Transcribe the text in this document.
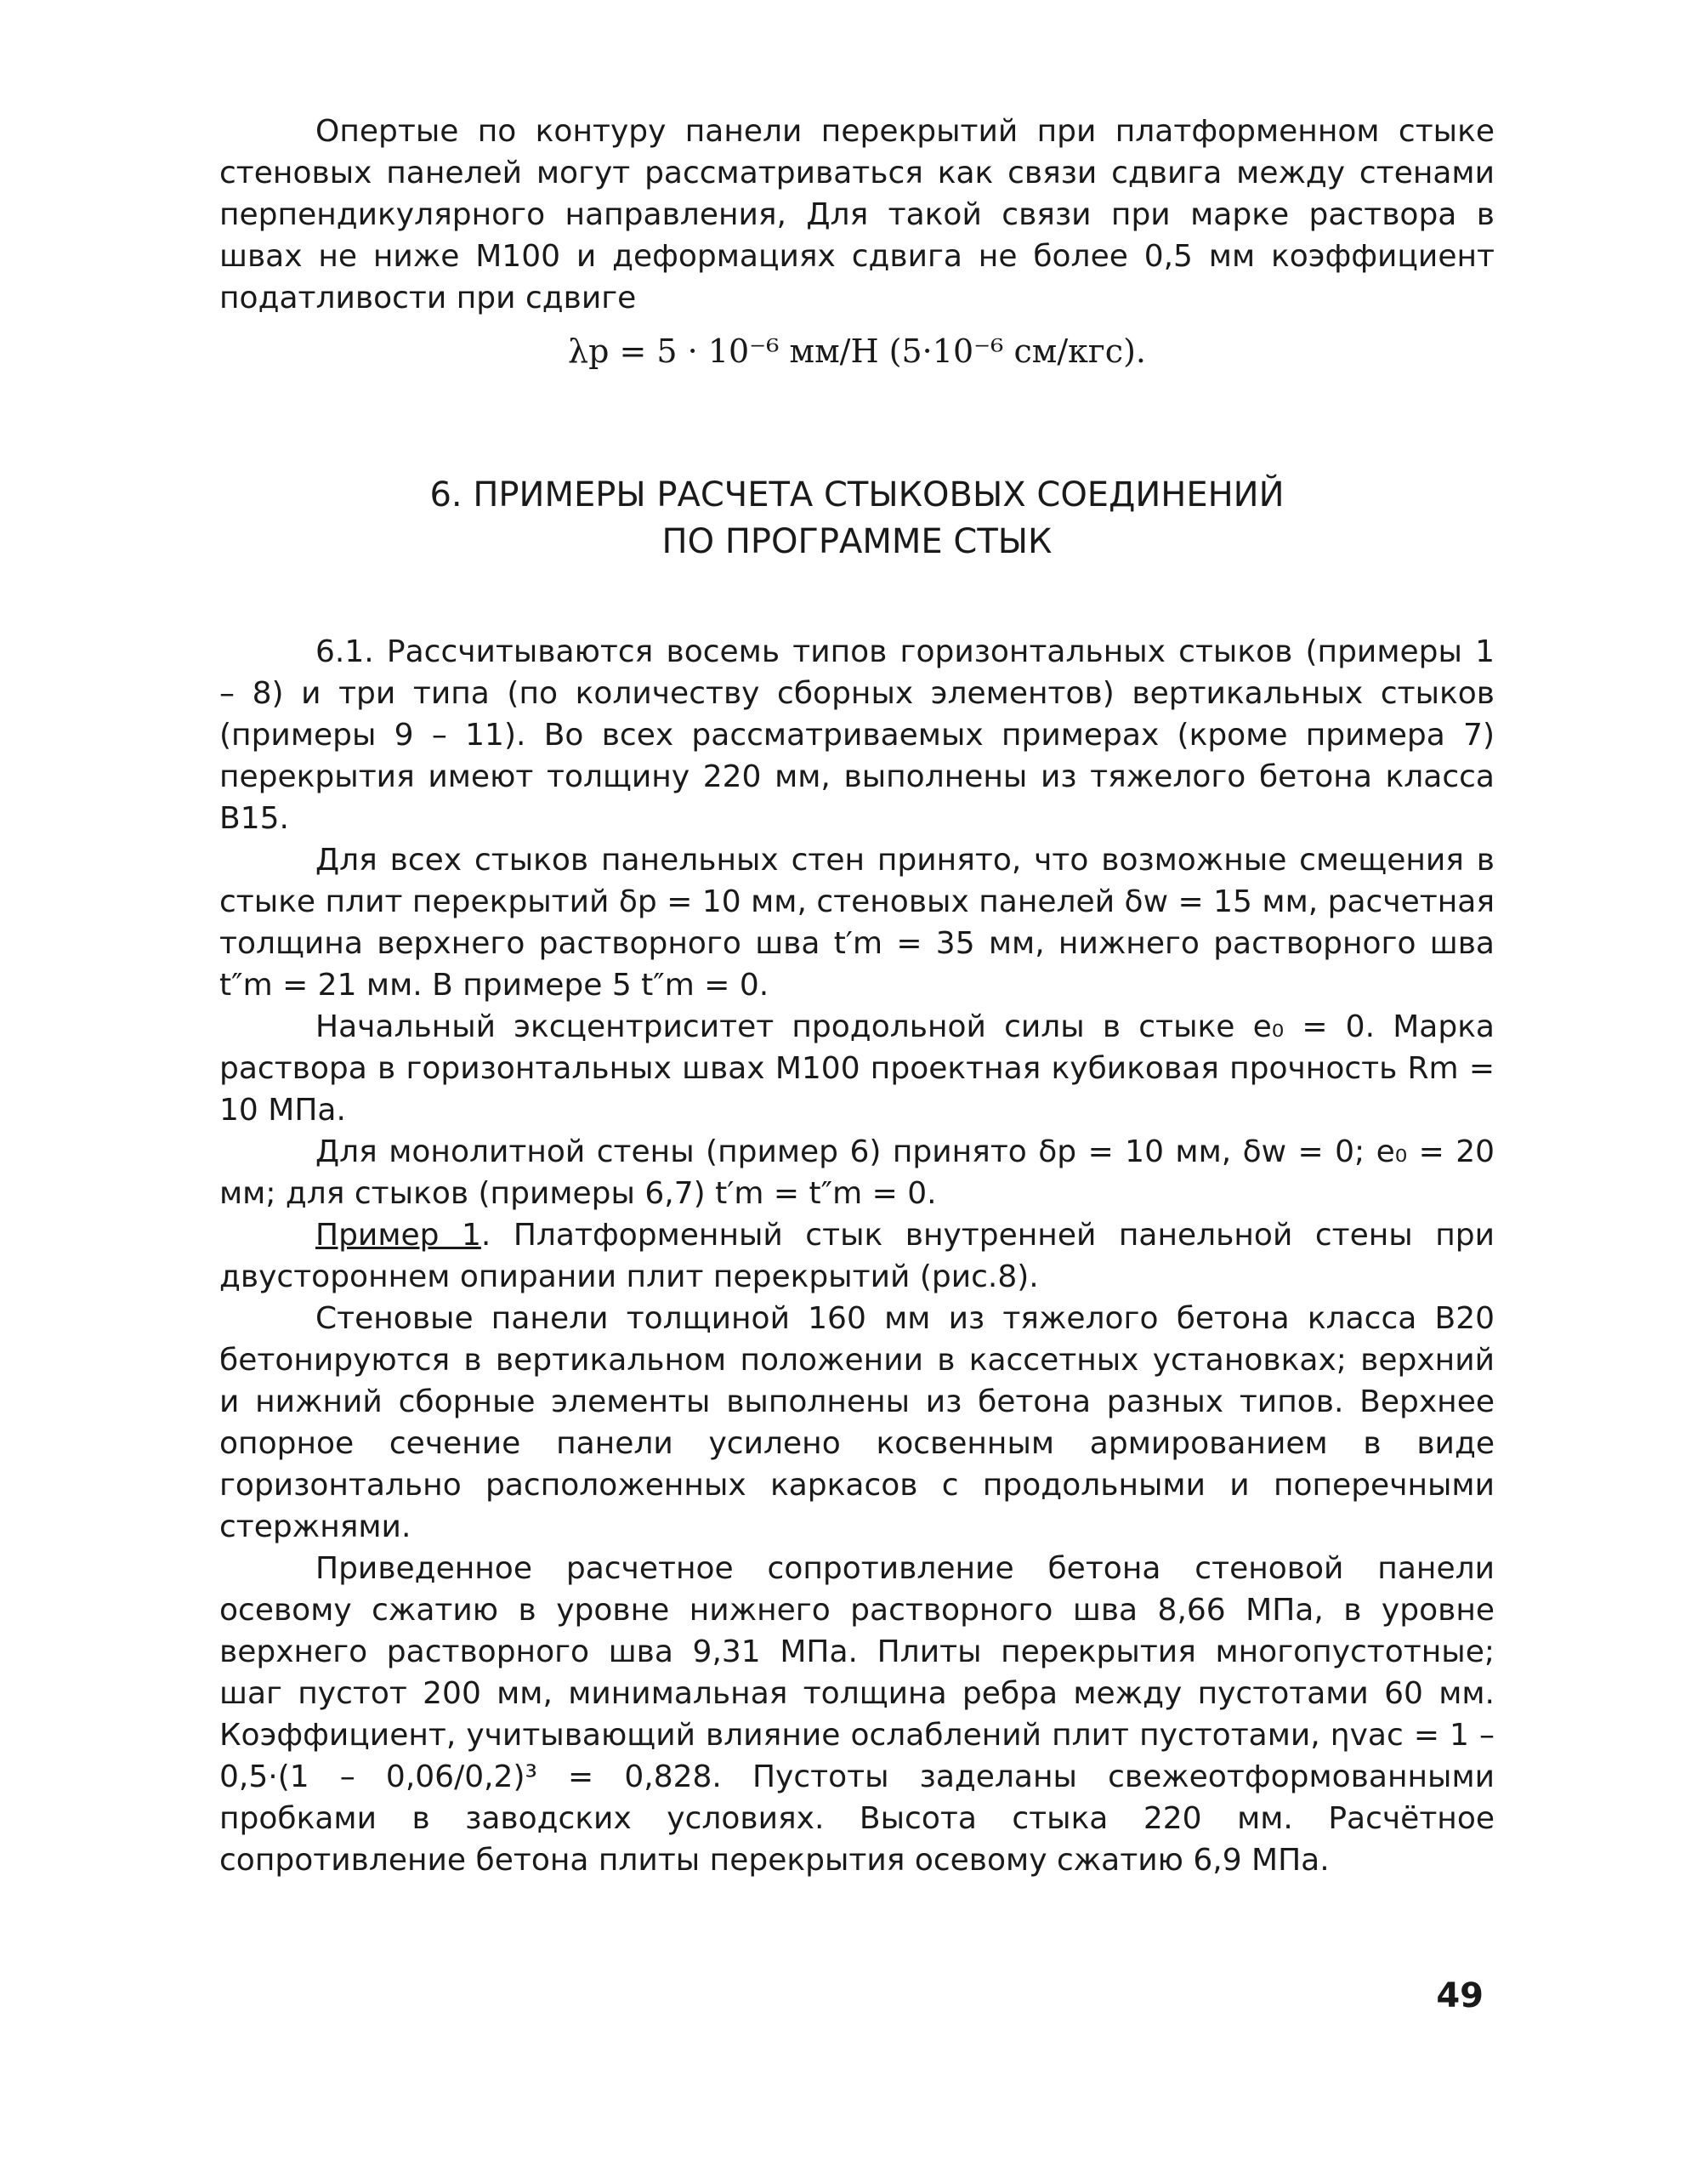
Опертые по контуру панели перекрытий при платформенном стыке стеновых панелей могут рассматриваться как связи сдвига между стенами перпендикулярного направления, Для такой связи при марке раствора в швах не ниже М100 и деформациях сдвига не более 0,5 мм коэффициент податливости при сдвиге

λp = 5 · 10⁻⁶ мм/Н (5·10⁻⁶ см/кгс).

6. ПРИМЕРЫ РАСЧЕТА СТЫКОВЫХ СОЕДИНЕНИЙ
ПО ПРОГРАММЕ СТЫК

6.1. Рассчитываются восемь типов горизонтальных стыков (примеры 1 – 8) и три типа (по количеству сборных элементов) вертикальных стыков (примеры 9 – 11). Во всех рассматриваемых примерах (кроме примера 7) перекрытия имеют толщину 220 мм, выполнены из тяжелого бетона класса В15.

Для всех стыков панельных стен принято, что возможные смещения в стыке плит перекрытий δp = 10 мм, стеновых панелей δw = 15 мм, расчетная толщина верхнего растворного шва t′m = 35 мм, нижнего растворного шва t″m = 21 мм. В примере 5 t″m = 0.

Начальный эксцентриситет продольной силы в стыке e₀ = 0. Марка раствора в горизонтальных швах М100 проектная кубиковая прочность Rm = 10 МПа.

Для монолитной стены (пример 6) принято δp = 10 мм, δw = 0; e₀ = 20 мм; для стыков (примеры 6,7) t′m = t″m = 0.

Пример 1. Платформенный стык внутренней панельной стены при двустороннем опирании плит перекрытий (рис.8).

Стеновые панели толщиной 160 мм из тяжелого бетона класса В20 бетонируются в вертикальном положении в кассетных установках; верхний и нижний сборные элементы выполнены из бетона разных типов. Верхнее опорное сечение панели усилено косвенным армированием в виде горизонтально расположенных каркасов с продольными и поперечными стержнями.

Приведенное расчетное сопротивление бетона стеновой панели осевому сжатию в уровне нижнего растворного шва 8,66 МПа, в уровне верхнего растворного шва 9,31 МПа. Плиты перекрытия многопустотные; шаг пустот 200 мм, минимальная толщина ребра между пустотами 60 мм. Коэффициент, учитывающий влияние ослаблений плит пустотами, ηvac = 1 – 0,5·(1 – 0,06/0,2)³ = 0,828. Пустоты заделаны свежеотформованными пробками в заводских условиях. Высота стыка 220 мм. Расчётное сопротивление бетона плиты перекрытия осевому сжатию 6,9 МПа.

49
